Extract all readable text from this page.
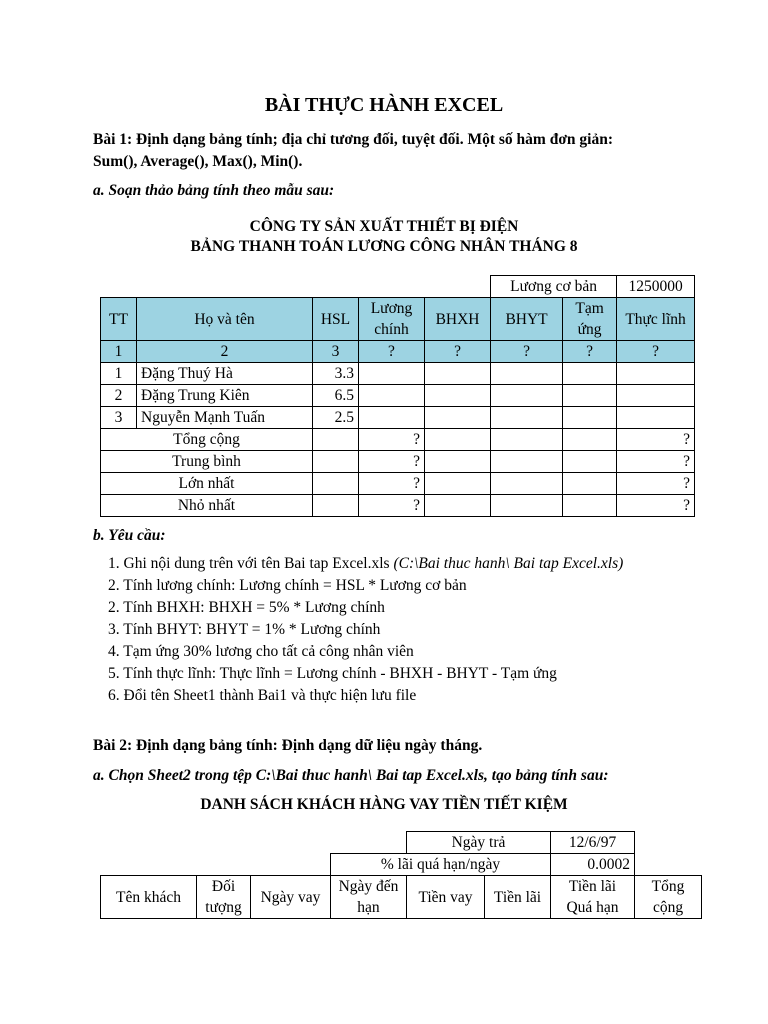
BÀI THỰC HÀNH EXCEL
Bài 1: Định dạng bảng tính; địa chỉ tương đối, tuyệt đối. Một số hàm đơn giản:
Sum(), Average(), Max(), Min().
a. Soạn thảo bảng tính theo mẫu sau:
CÔNG TY SẢN XUẤT THIẾT BỊ ĐIỆN
BẢNG THANH TOÁN LƯƠNG CÔNG NHÂN THÁNG 8
					Lương cơ bản		1250000
TT	Họ và tên	HSL	Lương chính	BHXH	BHYT	Tạm ứng	Thực lĩnh
1	2	3	?	?	?	?	?
1	Đặng Thuý Hà	3.3					
2	Đặng Trung Kiên	6.5					
3	Nguyễn Mạnh Tuấn	2.5					
Tổng cộng			?				?
Trung bình			?				?
Lớn nhất			?				?
Nhỏ nhất			?				?
b. Yêu cầu:
1. Ghi nội dung trên với tên Bai tap Excel.xls (C:\Bai thuc hanh\ Bai tap Excel.xls)
2. Tính lương chính: Lương chính = HSL * Lương cơ bản
2. Tính BHXH: BHXH = 5% * Lương chính
3. Tính BHYT: BHYT = 1% * Lương chính
4. Tạm ứng 30% lương cho tất cả công nhân viên
5. Tính thực lĩnh: Thực lĩnh = Lương chính - BHXH - BHYT - Tạm ứng
6. Đổi tên Sheet1 thành Bai1 và thực hiện lưu file
Bài 2: Định dạng bảng tính: Định dạng dữ liệu ngày tháng.
a. Chọn Sheet2 trong tệp C:\Bai thuc hanh\ Bai tap Excel.xls, tạo bảng tính sau:
DANH SÁCH KHÁCH HÀNG VAY TIỀN TIẾT KIỆM
				Ngày trả		12/6/97	
			% lãi quá hạn/ngày			0.0002	
Tên khách	Đối tượng	Ngày vay	Ngày đến hạn	Tiền vay	Tiền lãi	Tiền lãi Quá hạn	Tổng cộng
